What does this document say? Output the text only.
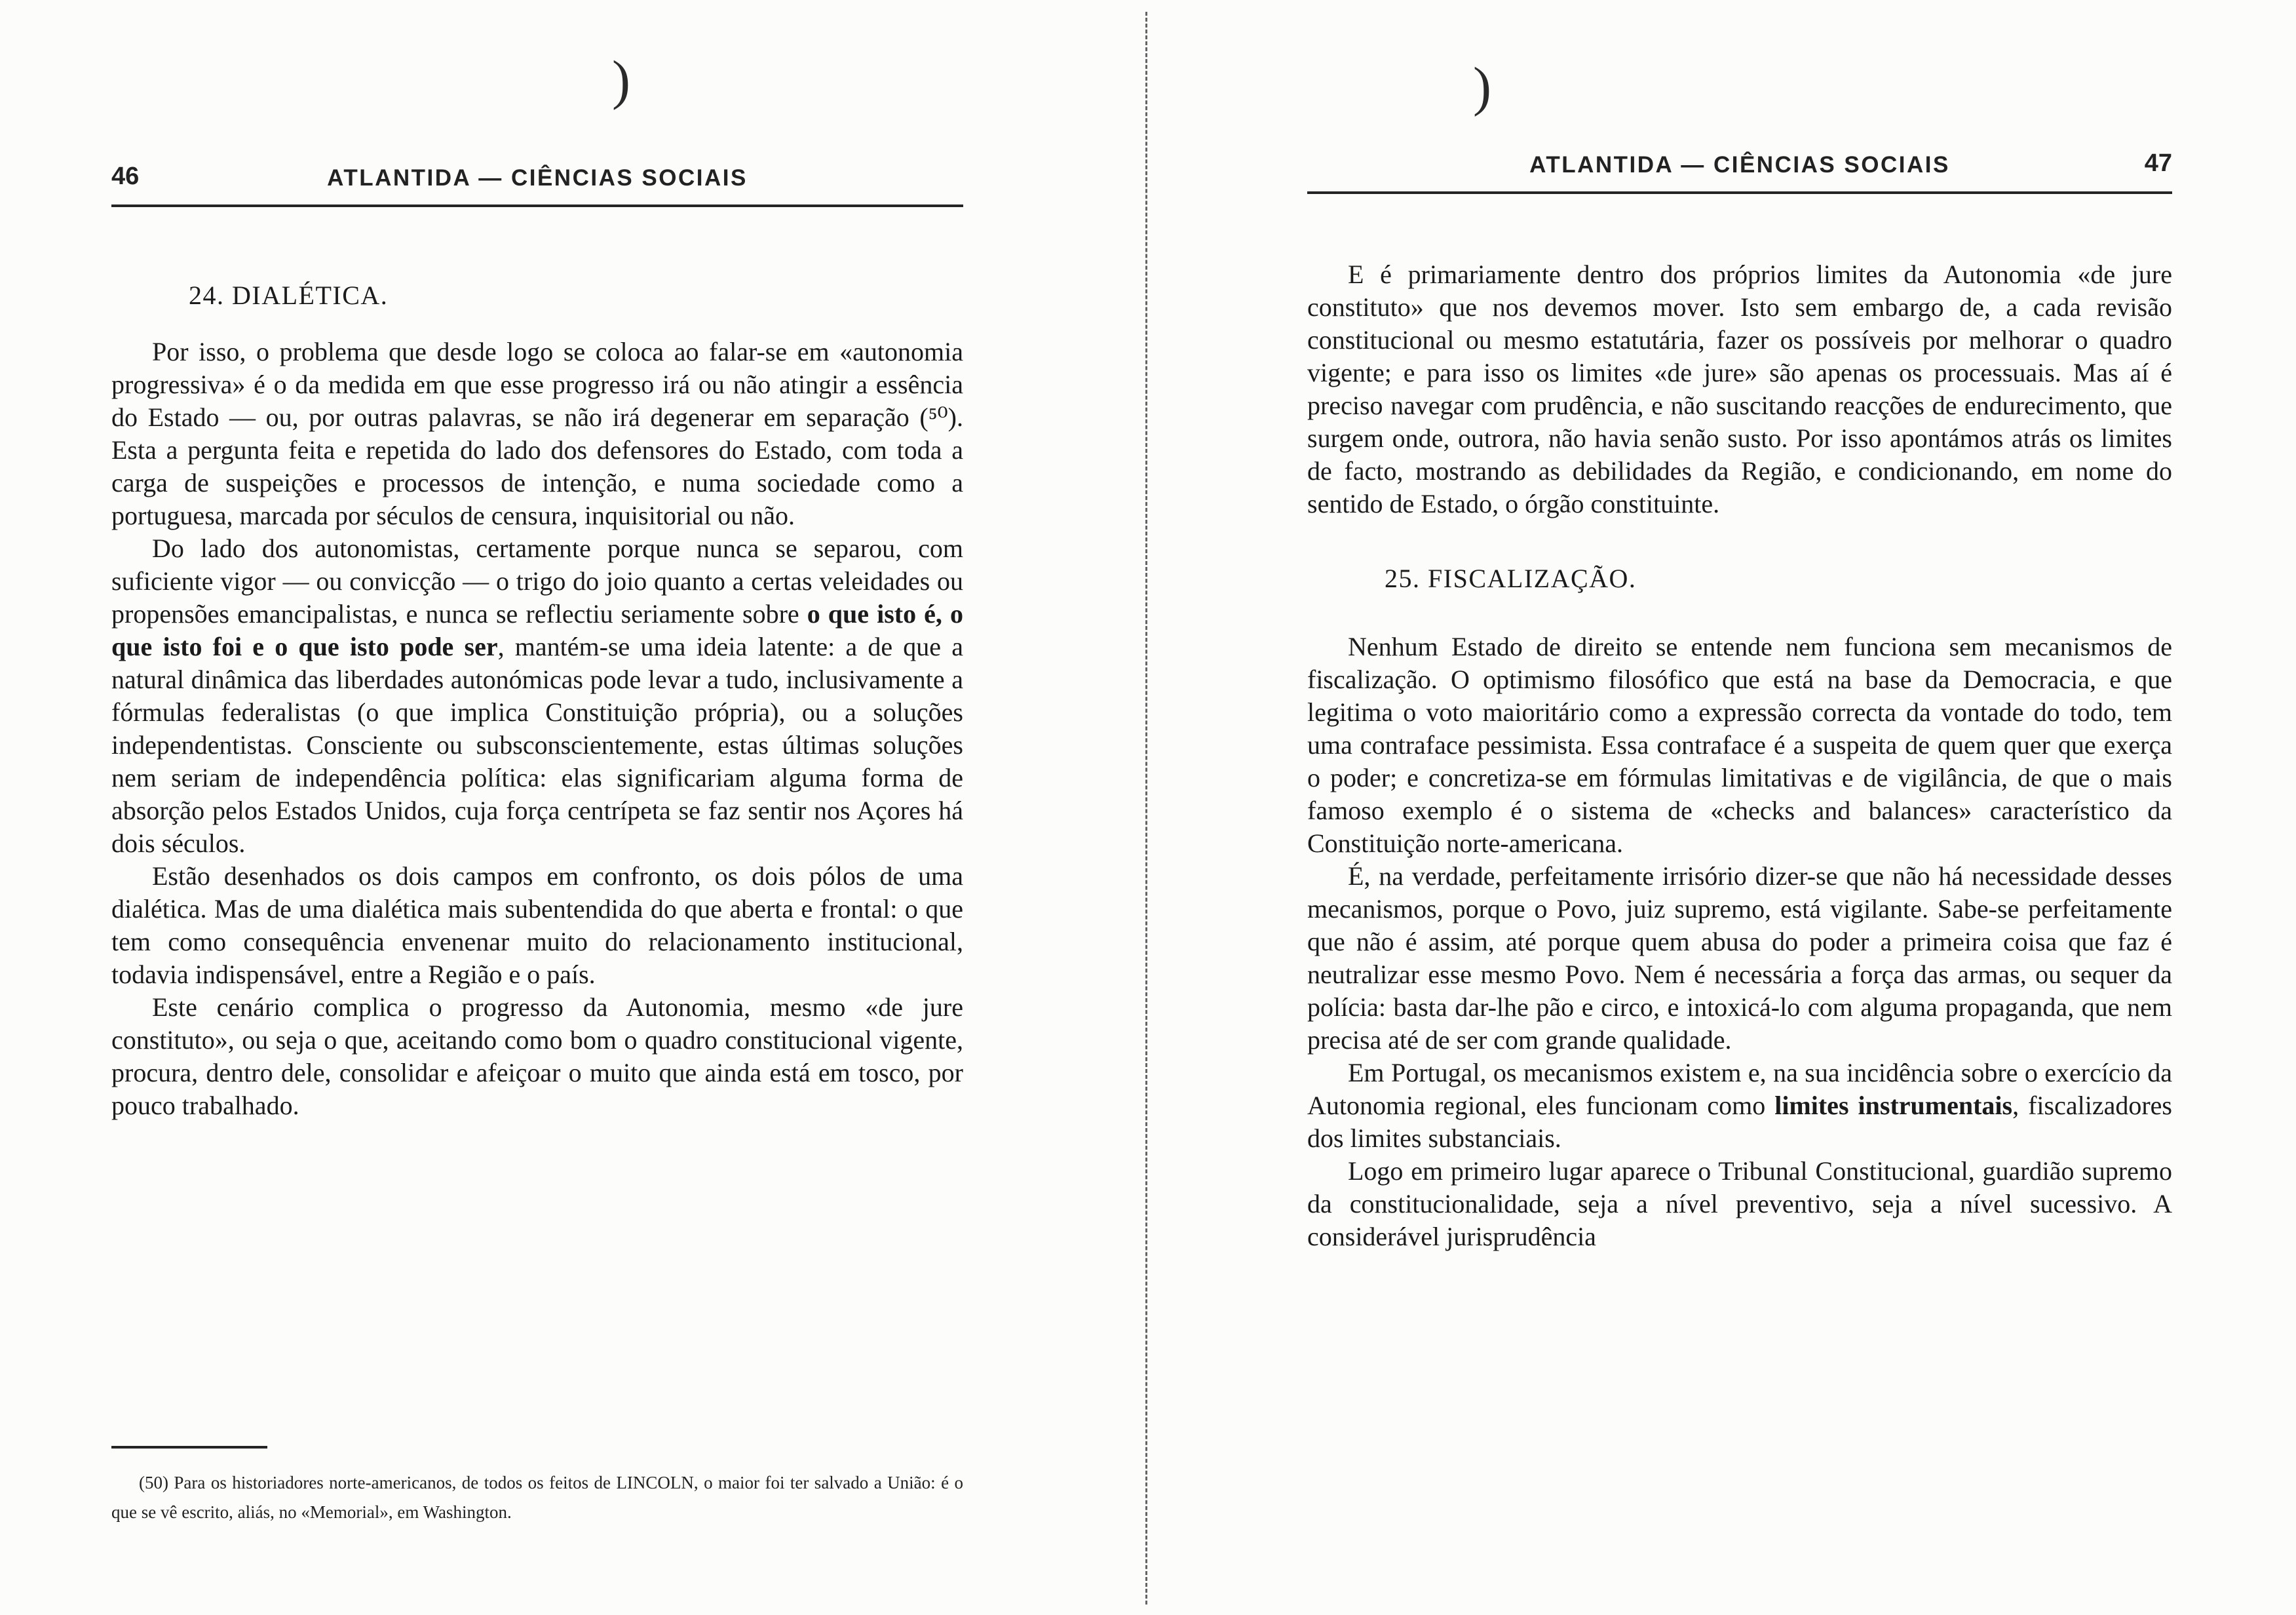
)	)
46	ATLANTIDA — CIÊNCIAS SOCIAIS
24. DIALÉTICA.

Por isso, o problema que desde logo se coloca ao falar-se em «autonomia progressiva» é o da medida em que esse progresso irá ou não atingir a essência do Estado — ou, por outras palavras, se não irá degenerar em separação (⁵⁰). Esta a pergunta feita e repetida do lado dos defensores do Estado, com toda a carga de suspeições e processos de intenção, e numa sociedade como a portuguesa, marcada por séculos de censura, inquisitorial ou não.

Do lado dos autonomistas, certamente porque nunca se separou, com suficiente vigor — ou convicção — o trigo do joio quanto a certas veleidades ou propensões emancipalistas, e nunca se reflectiu seriamente sobre o que isto é, o que isto foi e o que isto pode ser, mantém-se uma ideia latente: a de que a natural dinâmica das liberdades autonómicas pode levar a tudo, inclusivamente a fórmulas federalistas (o que implica Constituição própria), ou a soluções independentistas. Consciente ou subsconscientemente, estas últimas soluções nem seriam de independência política: elas significariam alguma forma de absorção pelos Estados Unidos, cuja força centrípeta se faz sentir nos Açores há dois séculos.

Estão desenhados os dois campos em confronto, os dois pólos de uma dialética. Mas de uma dialética mais subentendida do que aberta e frontal: o que tem como consequência envenenar muito do relacionamento institucional, todavia indispensável, entre a Região e o país.

Este cenário complica o progresso da Autonomia, mesmo «de jure constituto», ou seja o que, aceitando como bom o quadro constitucional vigente, procura, dentro dele, consolidar e afeiçoar o muito que ainda está em tosco, por pouco trabalhado.

(50) Para os historiadores norte-americanos, de todos os feitos de LINCOLN, o maior foi ter salvado a União: é o que se vê escrito, aliás, no «Memorial», em Washington.

ATLANTIDA — CIÊNCIAS SOCIAIS	47

E é primariamente dentro dos próprios limites da Autonomia «de jure constituto» que nos devemos mover. Isto sem embargo de, a cada revisão constitucional ou mesmo estatutária, fazer os possíveis por melhorar o quadro vigente; e para isso os limites «de jure» são apenas os processuais. Mas aí é preciso navegar com prudência, e não suscitando reacções de endurecimento, que surgem onde, outrora, não havia senão susto. Por isso apontámos atrás os limites de facto, mostrando as debilidades da Região, e condicionando, em nome do sentido de Estado, o órgão constituinte.

25. FISCALIZAÇÃO.

Nenhum Estado de direito se entende nem funciona sem mecanismos de fiscalização. O optimismo filosófico que está na base da Democracia, e que legitima o voto maioritário como a expressão correcta da vontade do todo, tem uma contraface pessimista. Essa contraface é a suspeita de quem quer que exerça o poder; e concretiza-se em fórmulas limitativas e de vigilância, de que o mais famoso exemplo é o sistema de «checks and balances» característico da Constituição norte-americana.

É, na verdade, perfeitamente irrisório dizer-se que não há necessidade desses mecanismos, porque o Povo, juiz supremo, está vigilante. Sabe-se perfeitamente que não é assim, até porque quem abusa do poder a primeira coisa que faz é neutralizar esse mesmo Povo. Nem é necessária a força das armas, ou sequer da polícia: basta dar-lhe pão e circo, e intoxicá-lo com alguma propaganda, que nem precisa até de ser com grande qualidade.

Em Portugal, os mecanismos existem e, na sua incidência sobre o exercício da Autonomia regional, eles funcionam como limites instrumentais, fiscalizadores dos limites substanciais.

Logo em primeiro lugar aparece o Tribunal Constitucional, guardião supremo da constitucionalidade, seja a nível preventivo, seja a nível sucessivo. A considerável jurisprudência
